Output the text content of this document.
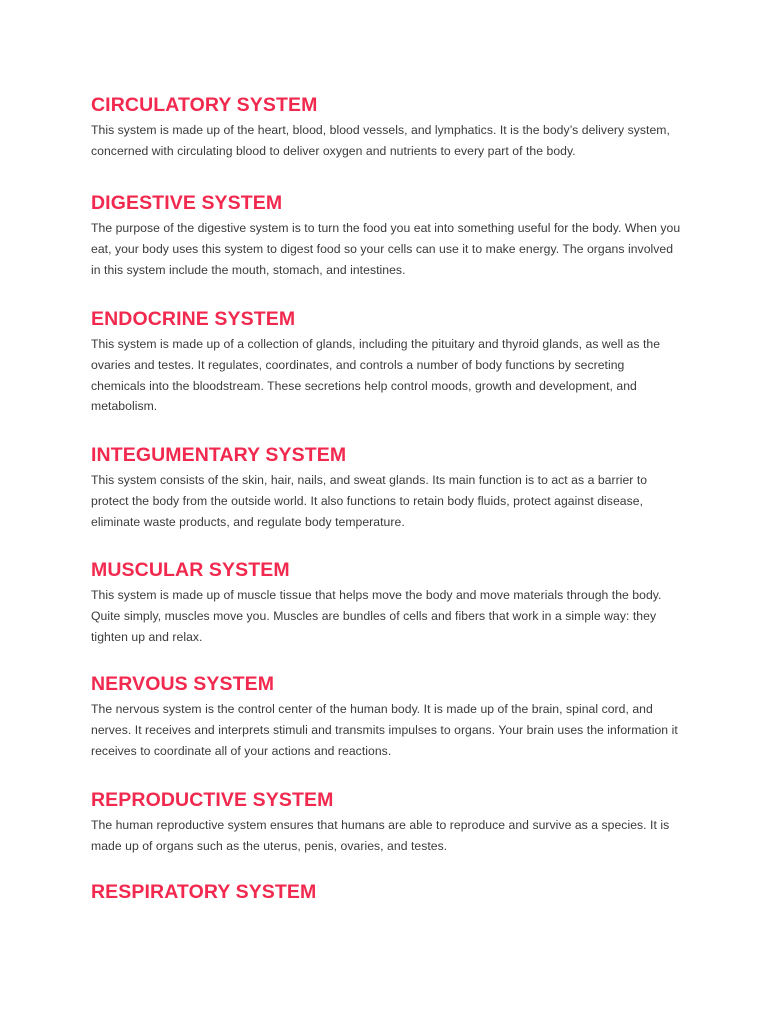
CIRCULATORY SYSTEM

This system is made up of the heart, blood, blood vessels, and lymphatics. It is the body’s delivery system, concerned with circulating blood to deliver oxygen and nutrients to every part of the body.

DIGESTIVE SYSTEM

The purpose of the digestive system is to turn the food you eat into something useful for the body. When you eat, your body uses this system to digest food so your cells can use it to make energy. The organs involved in this system include the mouth, stomach, and intestines.

ENDOCRINE SYSTEM

This system is made up of a collection of glands, including the pituitary and thyroid glands, as well as the ovaries and testes. It regulates, coordinates, and controls a number of body functions by secreting chemicals into the bloodstream. These secretions help control moods, growth and development, and metabolism.

INTEGUMENTARY SYSTEM

This system consists of the skin, hair, nails, and sweat glands. Its main function is to act as a barrier to protect the body from the outside world. It also functions to retain body fluids, protect against disease, eliminate waste products, and regulate body temperature.

MUSCULAR SYSTEM

This system is made up of muscle tissue that helps move the body and move materials through the body. Quite simply, muscles move you. Muscles are bundles of cells and fibers that work in a simple way: they tighten up and relax.

NERVOUS SYSTEM

The nervous system is the control center of the human body. It is made up of the brain, spinal cord, and nerves. It receives and interprets stimuli and transmits impulses to organs. Your brain uses the information it receives to coordinate all of your actions and reactions.

REPRODUCTIVE SYSTEM

The human reproductive system ensures that humans are able to reproduce and survive as a species. It is made up of organs such as the uterus, penis, ovaries, and testes.

RESPIRATORY SYSTEM
